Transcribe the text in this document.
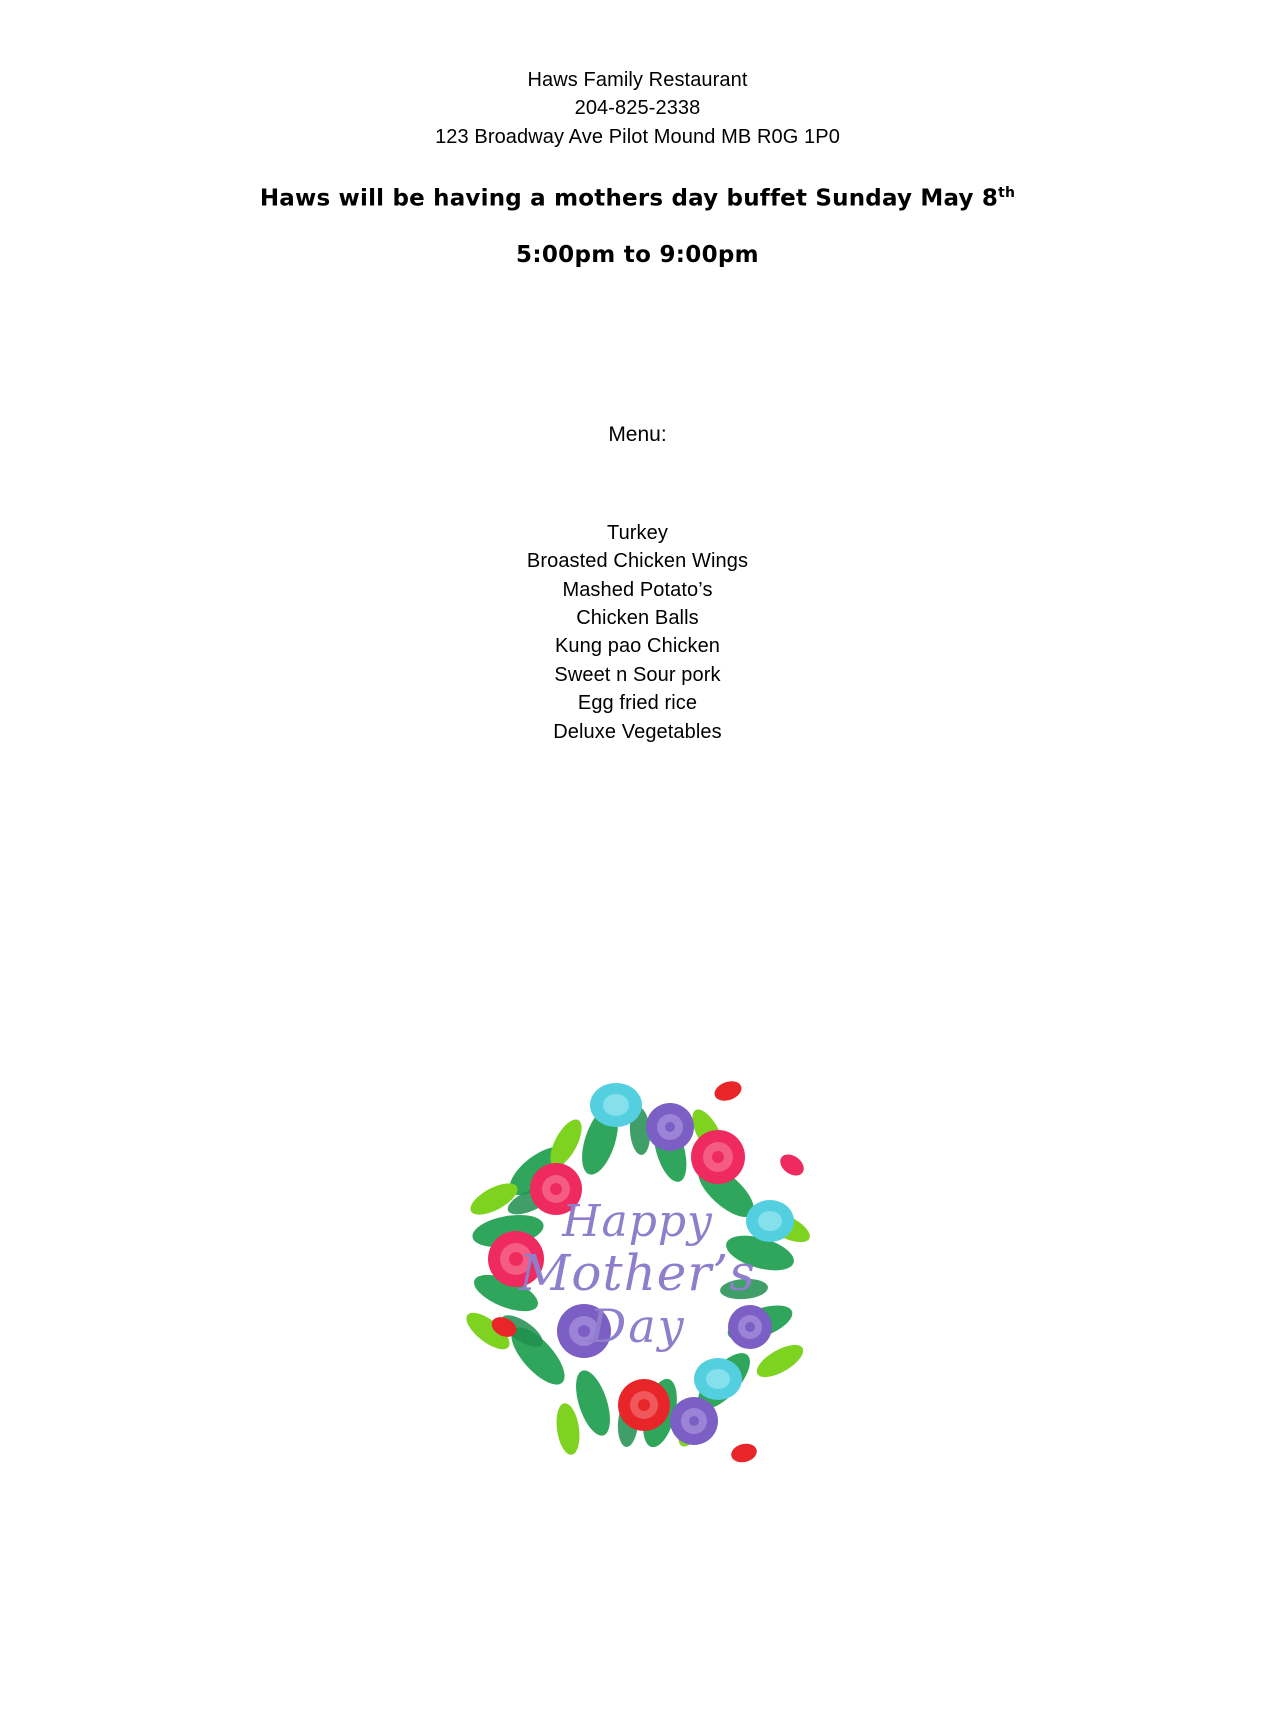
Haws Family Restaurant
204-825-2338
123 Broadway Ave Pilot Mound MB R0G 1P0
Haws will be having a mothers day buffet Sunday May 8th
5:00pm to 9:00pm
Menu:
Turkey
Broasted Chicken Wings
Mashed Potato’s
Chicken Balls
Kung pao Chicken
Sweet n Sour pork
Egg fried rice
Deluxe Vegetables
Happy
Mother’s
Day
